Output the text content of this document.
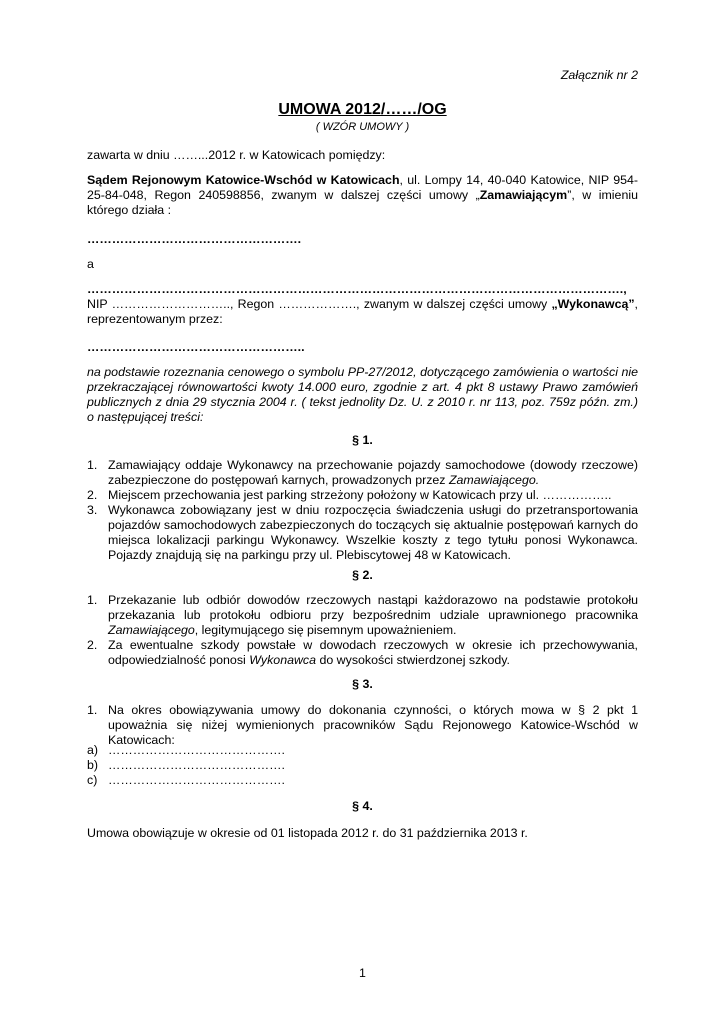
Załącznik nr 2
UMOWA 2012/……/OG
( WZÓR UMOWY )
zawarta w dniu ……...2012 r. w Katowicach pomiędzy:
Sądem Rejonowym Katowice-Wschód w Katowicach, ul. Lompy 14, 40-040 Katowice, NIP 954-25-84-048, Regon 240598856, zwanym w dalszej części umowy „Zamawiającym”, w imieniu którego działa :
…………………………………………….
a
………………………………………………………………………………………………………………….,
NIP ……………………….., Regon ………………., zwanym w dalszej części umowy „Wykonawcą”,
reprezentowanym przez:
……………………………………………..
na podstawie rozeznania cenowego o symbolu PP-27/2012, dotyczącego zamówienia o wartości nie przekraczającej równowartości kwoty 14.000 euro, zgodnie z art. 4 pkt 8 ustawy Prawo zamówień publicznych z dnia 29 stycznia 2004 r. ( tekst jednolity Dz. U. z 2010 r. nr 113, poz. 759z późn. zm.) o następującej treści:
§ 1.
1. Zamawiający oddaje Wykonawcy na przechowanie pojazdy samochodowe (dowody rzeczowe) zabezpieczone do postępowań karnych, prowadzonych przez Zamawiającego.
2. Miejscem przechowania jest parking strzeżony położony w Katowicach przy ul. ……………..
3. Wykonawca zobowiązany jest w dniu rozpoczęcia świadczenia usługi do przetransportowania pojazdów samochodowych zabezpieczonych do toczących się aktualnie postępowań karnych do miejsca lokalizacji parkingu Wykonawcy. Wszelkie koszty z tego tytułu ponosi Wykonawca. Pojazdy znajdują się na parkingu przy ul. Plebiscytowej 48 w Katowicach.
§ 2.
1. Przekazanie lub odbiór dowodów rzeczowych nastąpi każdorazowo na podstawie protokołu przekazania lub protokołu odbioru przy bezpośrednim udziale uprawnionego pracownika Zamawiającego, legitymującego się pisemnym upoważnieniem.
2. Za ewentualne szkody powstałe w dowodach rzeczowych w okresie ich przechowywania, odpowiedzialność ponosi Wykonawca do wysokości stwierdzonej szkody.
§ 3.
1. Na okres obowiązywania umowy do dokonania czynności, o których mowa w § 2 pkt 1 upoważnia się niżej wymienionych pracowników Sądu Rejonowego Katowice-Wschód w Katowicach:
a) …………………………………….
b) …………………………………….
c) …………………………………….
§ 4.
Umowa obowiązuje w okresie od 01 listopada 2012 r. do 31 października 2013 r.
1
